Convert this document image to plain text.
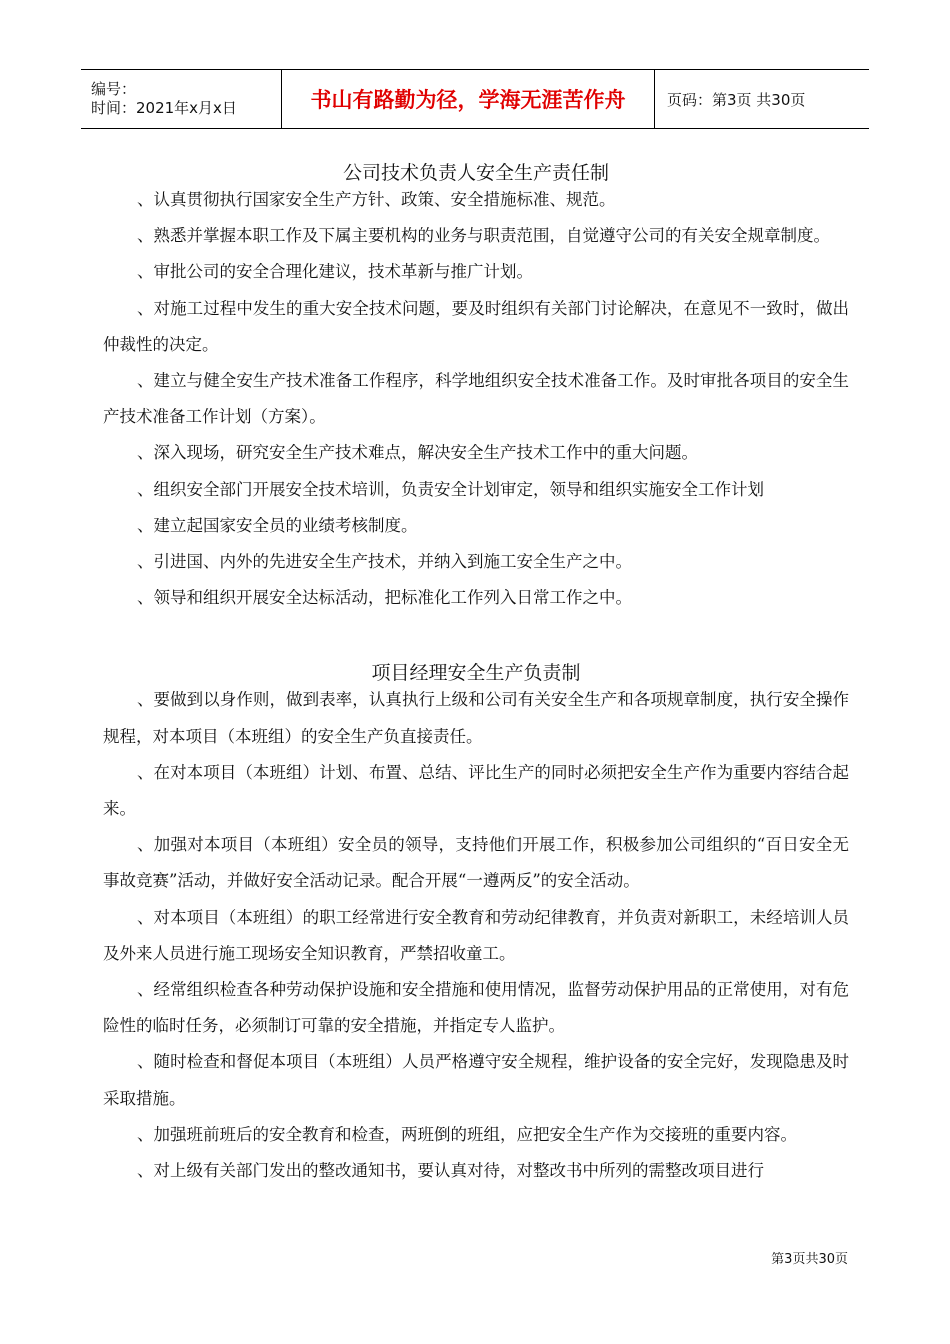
编号：
时间：2021年x月x日	书山有路勤为径，学海无涯苦作舟	页码：第3页 共30页
公司技术负责人安全生产责任制

、认真贯彻执行国家安全生产方针、政策、安全措施标准、规范。

、熟悉并掌握本职工作及下属主要机构的业务与职责范围，自觉遵守公司的有关安全规章制度。

、审批公司的安全合理化建议，技术革新与推广计划。

、对施工过程中发生的重大安全技术问题，要及时组织有关部门讨论解决，在意见不一致时，做出仲裁性的决定。

、建立与健全安生产技术准备工作程序，科学地组织安全技术准备工作。及时审批各项目的安全生产技术准备工作计划（方案）。

、深入现场，研究安全生产技术难点，解决安全生产技术工作中的重大问题。

、组织安全部门开展安全技术培训，负责安全计划审定，领导和组织实施安全工作计划

、建立起国家安全员的业绩考核制度。

、引进国、内外的先进安全生产技术，并纳入到施工安全生产之中。

、领导和组织开展安全达标活动，把标准化工作列入日常工作之中。

项目经理安全生产负责制

、要做到以身作则，做到表率，认真执行上级和公司有关安全生产和各项规章制度，执行安全操作规程，对本项目（本班组）的安全生产负直接责任。

、在对本项目（本班组）计划、布置、总结、评比生产的同时必须把安全生产作为重要内容结合起来。

、加强对本项目（本班组）安全员的领导，支持他们开展工作，积极参加公司组织的“百日安全无事故竞赛”活动，并做好安全活动记录。配合开展“一遵两反”的安全活动。

、对本项目（本班组）的职工经常进行安全教育和劳动纪律教育，并负责对新职工，未经培训人员及外来人员进行施工现场安全知识教育，严禁招收童工。

、经常组织检查各种劳动保护设施和安全措施和使用情况，监督劳动保护用品的正常使用，对有危险性的临时任务，必须制订可靠的安全措施，并指定专人监护。

、随时检查和督促本项目（本班组）人员严格遵守安全规程，维护设备的安全完好，发现隐患及时采取措施。

、加强班前班后的安全教育和检查，两班倒的班组，应把安全生产作为交接班的重要内容。

、对上级有关部门发出的整改通知书，要认真对待，对整改书中所列的需整改项目进行

第3页共30页
